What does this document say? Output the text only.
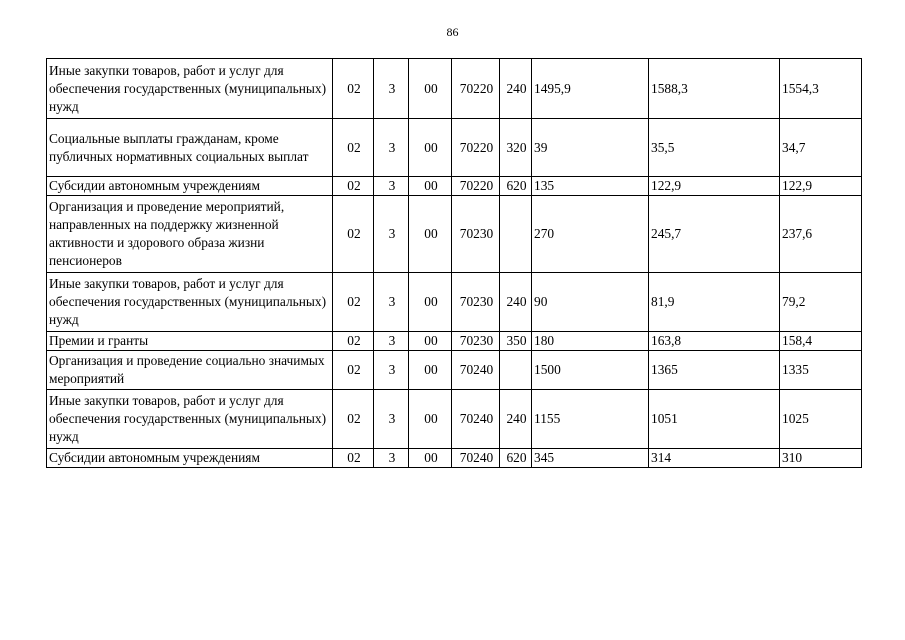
86
Иные закупки товаров, работ и услуг для обеспечения государственных (муниципальных) нужд	02	3	00	70220	240	1495,9	1588,3	1554,3
Социальные выплаты гражданам, кроме публичных нормативных социальных выплат	02	3	00	70220	320	39	35,5	34,7
Субсидии автономным учреждениям	02	3	00	70220	620	135	122,9	122,9
Организация и проведение мероприятий, направленных на поддержку жизненной активности и здорового образа жизни пенсионеров	02	3	00	70230		270	245,7	237,6
Иные закупки товаров, работ и услуг для обеспечения государственных (муниципальных) нужд	02	3	00	70230	240	90	81,9	79,2
Премии и гранты	02	3	00	70230	350	180	163,8	158,4
Организация и проведение социально значимых мероприятий	02	3	00	70240		1500	1365	1335
Иные закупки товаров, работ и услуг для обеспечения государственных (муниципальных) нужд	02	3	00	70240	240	1155	1051	1025
Субсидии автономным учреждениям	02	3	00	70240	620	345	314	310
